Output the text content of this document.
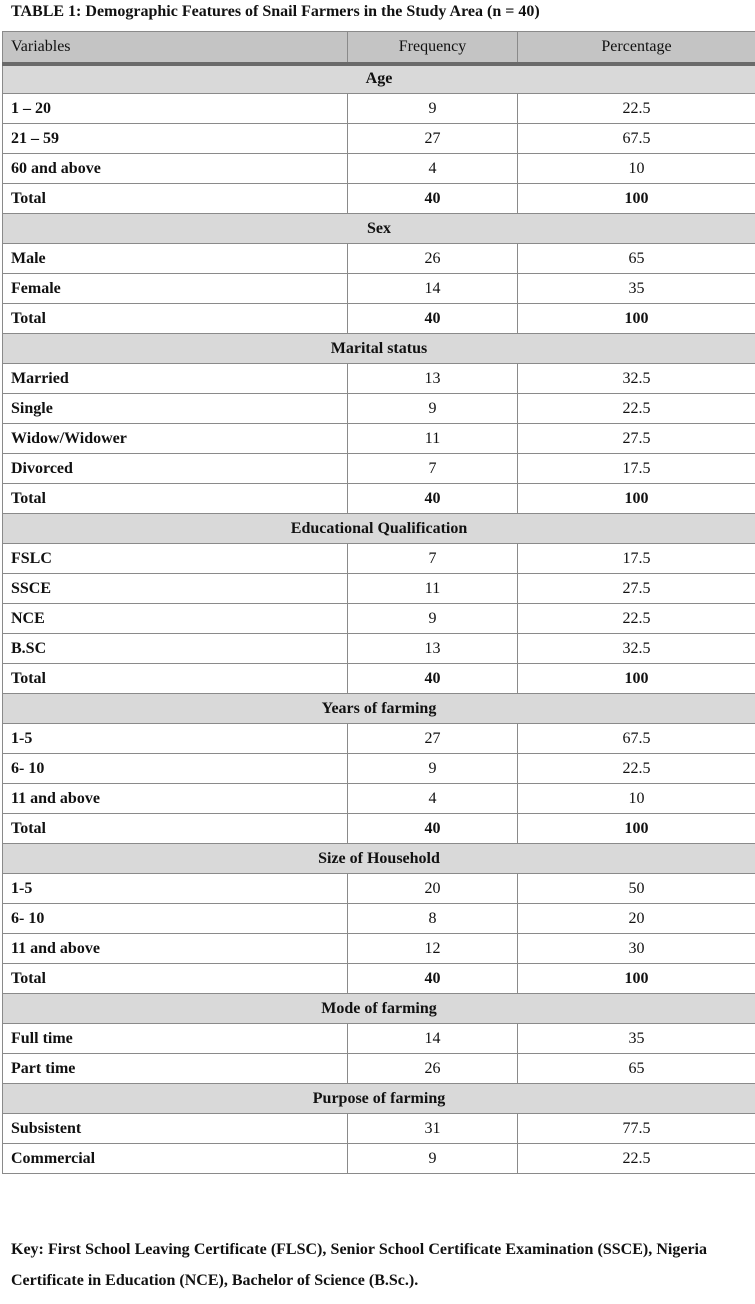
TABLE 1: Demographic Features of Snail Farmers in the Study Area (n = 40)
Variables	Frequency	Percentage
Age		
1 – 20	9	22.5
21 – 59	27	67.5
60 and above	4	10
Total	40	100
Sex		
Male	26	65
Female	14	35
Total	40	100
Marital status		
Married	13	32.5
Single	9	22.5
Widow/Widower	11	27.5
Divorced	7	17.5
Total	40	100
Educational Qualification		
FSLC	7	17.5
SSCE	11	27.5
NCE	9	22.5
B.SC	13	32.5
Total	40	100
Years of farming		
1-5	27	67.5
6- 10	9	22.5
11 and above	4	10
Total	40	100
Size of Household		
1-5	20	50
6- 10	8	20
11 and above	12	30
Total	40	100
Mode of farming		
Full time	14	35
Part time	26	65
Purpose of farming		
Subsistent	31	77.5
Commercial	9	22.5
Key: First School Leaving Certificate (FLSC), Senior School Certificate Examination (SSCE), Nigeria Certificate in Education (NCE), Bachelor of Science (B.Sc.).
